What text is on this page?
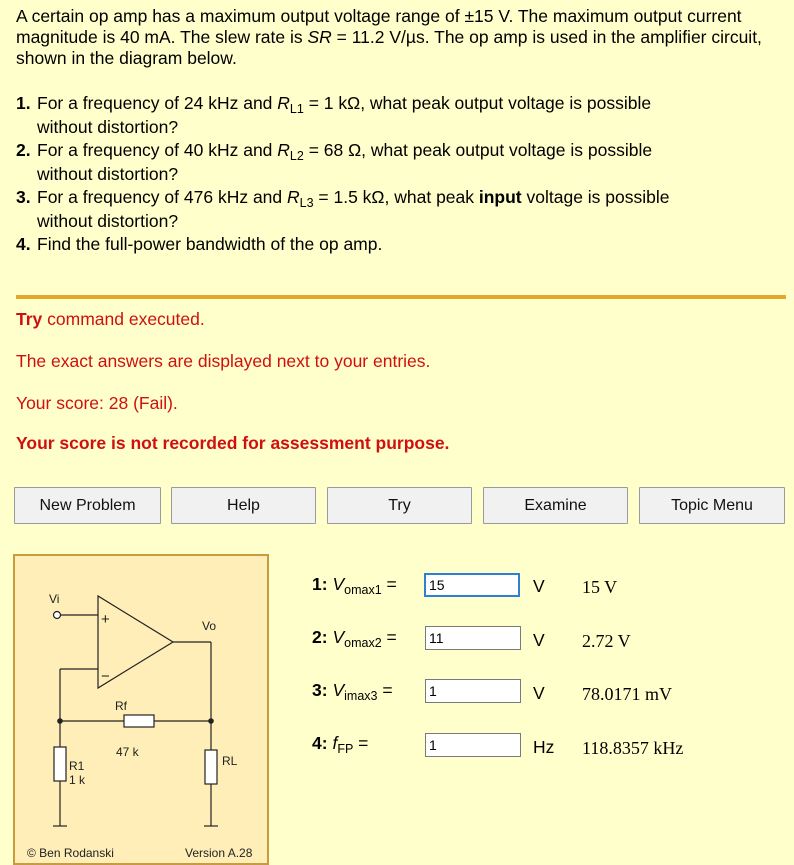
A certain op amp has a maximum output voltage range of ±15 V. The maximum output current magnitude is 40 mA. The slew rate is SR = 11.2 V/µs. The op amp is used in the amplifier circuit, shown in the diagram below.
1. For a frequency of 24 kHz and $R_{L1} = 1$ kΩ, what peak output voltage is possible
without distortion?
2. For a frequency of 40 kHz and $R_{L2} = 68$ Ω, what peak output voltage is possible
without distortion?
3. For a frequency of 476 kHz and $R_{L3} = 1.5$ kΩ, what peak input voltage is possible
without distortion?
4. Find the full-power bandwidth of the op amp.
Try command executed.
The exact answers are displayed next to your entries.
Your score: 28 (Fail).
Your score is not recorded for assessment purpose.
New Problem	Help	Try	Examine	Topic Menu
Vi
+
−
Vo
Rf
47 k
R1
1 k
RL
© Ben Rodanski	Version A.28
1: $V_{omax1}$ =
15	V 15 V
2: $V_{omax2}$ =
11	V 2.72 V
3: $V_{imax3}$ =
1	V 78.0171 mV
4: $f_{FP}$ =
1	Hz 118.8357 kHz
